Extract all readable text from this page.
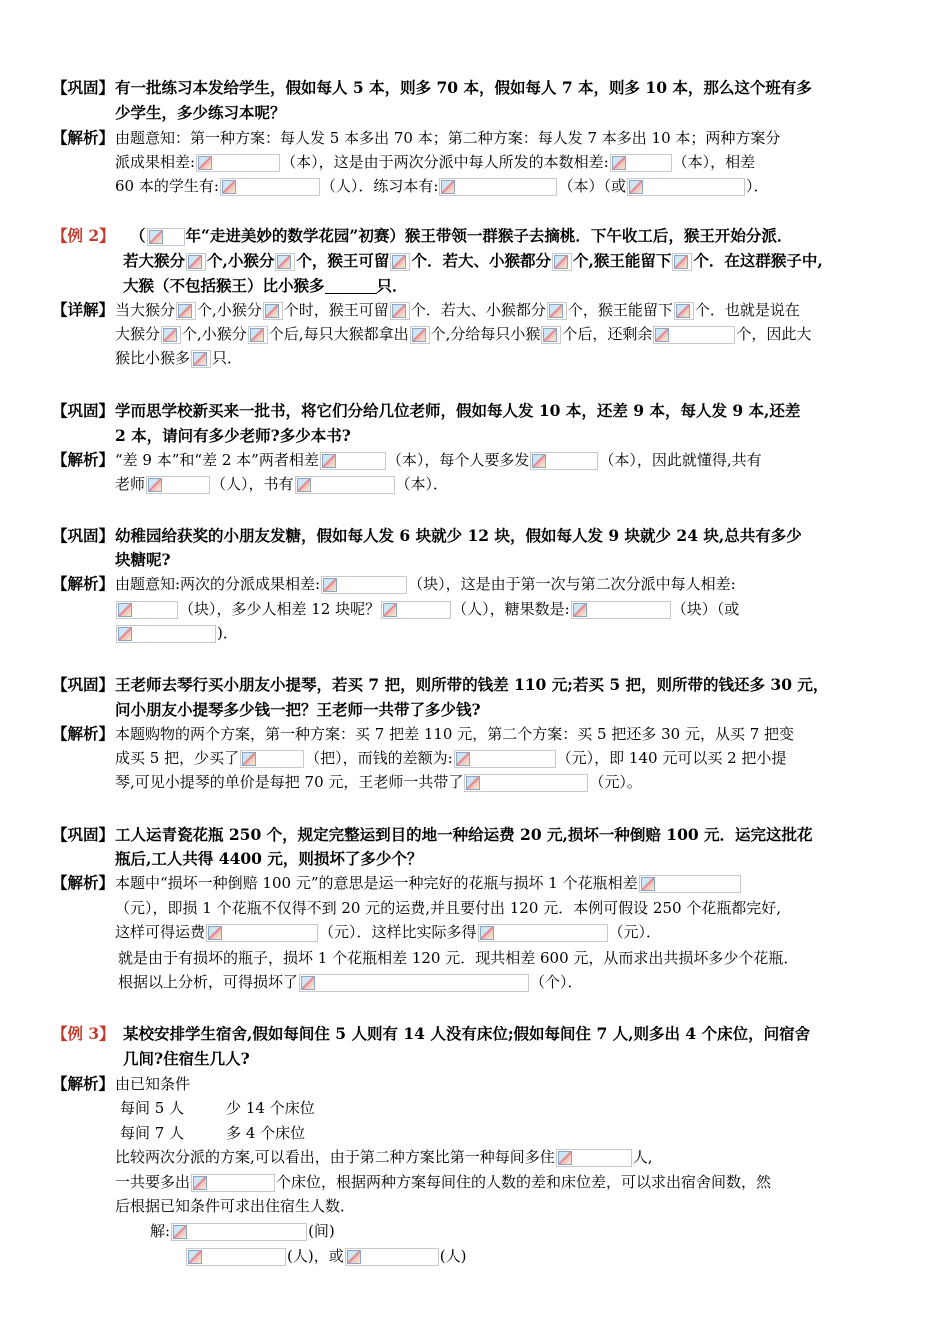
【巩固】 有一批练习本发给学生，假如每人 5 本，则多 70 本，假如每人 7 本，则多 10 本，那么这个班有多
少学生，多少练习本呢？
【解析】 由题意知：第一种方案：每人发 5 本多出 70 本；第二种方案：每人发 7 本多出 10 本；两种方案分
派成果相差:	（本），这是由于两次分派中每人所发的本数相差:	（本），相差
60 本的学生有:	（人）．练习本有:	（本）（或	）．
【例 2】 （	年“走进美妙的数学花园”初赛）猴王带领一群猴子去摘桃．下午收工后，猴王开始分派．
若大猴分 个,小猴分 个，猴王可留 个．若大、小猴都分 个,猴王能留下 个．在这群猴子中,
大猴（不包括猴王）比小猴多	只．
【详解】 当大猴分 个,小猴分 个时，猴王可留 个．若大、小猴都分 个，猴王能留下 个．也就是说在
大猴分 个,小猴分 个后,每只大猴都拿出 个,分给每只小猴 个后，还剩余	个，因此大
猴比小猴多 只．
【巩固】 学而思学校新买来一批书，将它们分给几位老师，假如每人发 10 本，还差 9 本，每人发 9 本,还差
2 本，请问有多少老师?多少本书?
【解析】 “差 9 本”和“差 2 本”两者相差	（本），每个人要多发	（本），因此就懂得,共有
老师	（人），书有	（本）．
【巩固】 幼稚园给获奖的小朋友发糖，假如每人发 6 块就少 12 块，假如每人发 9 块就少 24 块,总共有多少
块糖呢?
【解析】 由题意知:两次的分派成果相差:	（块），这是由于第一次与第二次分派中每人相差:
（块），多少人相差 12 块呢？	（人），糖果数是:	（块）（或
)．
【巩固】 王老师去琴行买小朋友小提琴，若买 7 把，则所带的钱差 110 元;若买 5 把，则所带的钱还多 30 元，
问小朋友小提琴多少钱一把？王老师一共带了多少钱?
【解析】 本题购物的两个方案，第一种方案：买 7 把差 110 元，第二个方案：买 5 把还多 30 元，从买 7 把变
成买 5 把，少买了	（把），而钱的差额为:	（元），即 140 元可以买 2 把小提
琴,可见小提琴的单价是每把 70 元，王老师一共带了	（元）。
【巩固】 工人运青瓷花瓶 250 个，规定完整运到目的地一种给运费 20 元,损坏一种倒赔 100 元．运完这批花
瓶后,工人共得 4400 元，则损坏了多少个？
【解析】 本题中“损坏一种倒赔 100 元”的意思是运一种完好的花瓶与损坏 1 个花瓶相差
（元），即损 1 个花瓶不仅得不到 20 元的运费,并且要付出 120 元．本例可假设 250 个花瓶都完好,
这样可得运费	（元）．这样比实际多得	（元）．
就是由于有损坏的瓶子，损坏 1 个花瓶相差 120 元．现共相差 600 元，从而求出共损坏多少个花瓶．
根据以上分析，可得损坏了	（个）．
【例 3】 某校安排学生宿舍,假如每间住 5 人则有 14 人没有床位;假如每间住 7 人,则多出 4 个床位，问宿舍
几间?住宿生几人?
【解析】 由已知条件
每间 5 人	少 14 个床位
每间 7 人	多 4 个床位
比较两次分派的方案,可以看出，由于第二种方案比第一种每间多住	人,
一共要多出	个床位，根据两种方案每间住的人数的差和床位差，可以求出宿舍间数，然
后根据已知条件可求出住宿生人数．
解:	(间)
(人)，或	(人)
